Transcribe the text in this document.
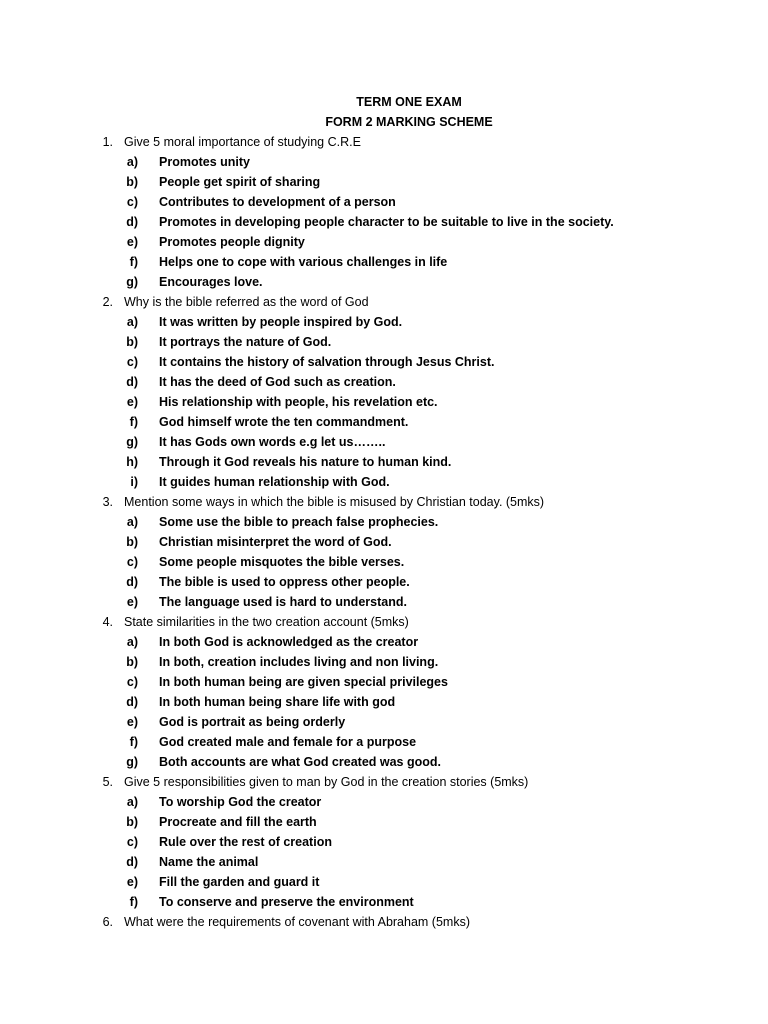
TERM ONE EXAM
FORM 2 MARKING SCHEME
1. Give 5 moral importance of studying C.R.E
a)	Promotes unity
b)	People get spirit of sharing
c)	Contributes to development of a person
d)	Promotes in developing people character to be suitable to live in the society.
e)	Promotes people dignity
f)	Helps one to cope with various challenges in life
g)	Encourages love.
2. Why is the bible referred as the word of God
a)	It was written by people inspired by God.
b)	It portrays the nature of God.
c)	It contains the history of salvation through Jesus Christ.
d)	It has the deed of God such as creation.
e)	His relationship with people, his revelation etc.
f)	God himself wrote the ten commandment.
g)	It has Gods own words e.g let us……..
h)	Through it God reveals his nature to human kind.
i)	It guides human relationship with God.
3. Mention some ways in which the bible is misused by Christian today. (5mks)
a)	Some use the bible to preach false prophecies.
b)	Christian misinterpret the word of God.
c)	Some people misquotes the bible verses.
d)	The bible is used to oppress other people.
e)	The language used is hard to understand.
4. State similarities in the two creation account (5mks)
a)	In both God is acknowledged as the creator
b)	In both, creation includes living and non living.
c)	In both human being are given special privileges
d)	In both human being share life with god
e)	God is portrait as being orderly
f)	God created male and female for a purpose
g)	Both accounts are what God created was good.
5. Give 5 responsibilities given to man by God in the creation stories (5mks)
a)	To worship God the creator
b)	Procreate and fill the earth
c)	Rule over the rest of creation
d)	Name the animal
e)	Fill the garden and guard it
f)	To conserve and preserve the environment
6. What were the requirements of covenant with Abraham (5mks)
